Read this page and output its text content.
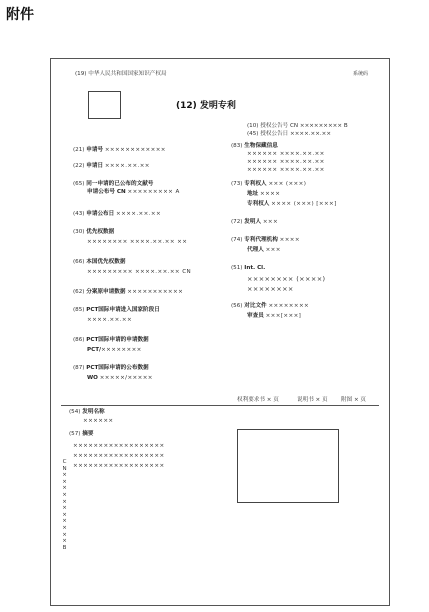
附件
(19) 中华人民共和国国家知识产权局	系统码
(12) 发明专利
(10) 授权公告号 CN ××××××××× B
(45) 授权公告日 ××××.××.××
(21) 申请号 ××××××××××××
(22) 申请日 ××××.××.××
(65) 同一申请的已公布的文献号
申请公布号 CN ××××××××× A
(43) 申请公布日 ××××.××.××
(30) 优先权数据
×××××××× ××××.××.×× ××
(66) 本国优先权数据
××××××××× ××××.××.×× CN
(62) 分案原申请数据 ×××××××××××
(85) PCT国际申请进入国家阶段日
××××.××.××
(86) PCT国际申请的申请数据
PCT/××××××××
(87) PCT国际申请的公布数据
WO ×××××/×××××
(83) 生物保藏信息
×××××× ××××.××.××
×××××× ××××.××.××
×××××× ××××.××.××
(73) 专利权人 ××× (×××)
地址 ××××
专利权人 ×××× (×××) [×××]
(72) 发明人 ×××
(74) 专利代理机构 ××××
代理人 ×××
(51) Int. Cl.
×××××××× (××××)
××××××××
(56) 对比文件 ××××××××
审查员 ×××[×××]
权利要求书 × 页	说明书 × 页 附图 × 页
(54) 发明名称
××××××
(57) 摘要
××××××××××××××××××
××××××××××××××××××
××××××××××××××××××
C
N
×
×
×
×
×
×
×
×
×
×
×
B
